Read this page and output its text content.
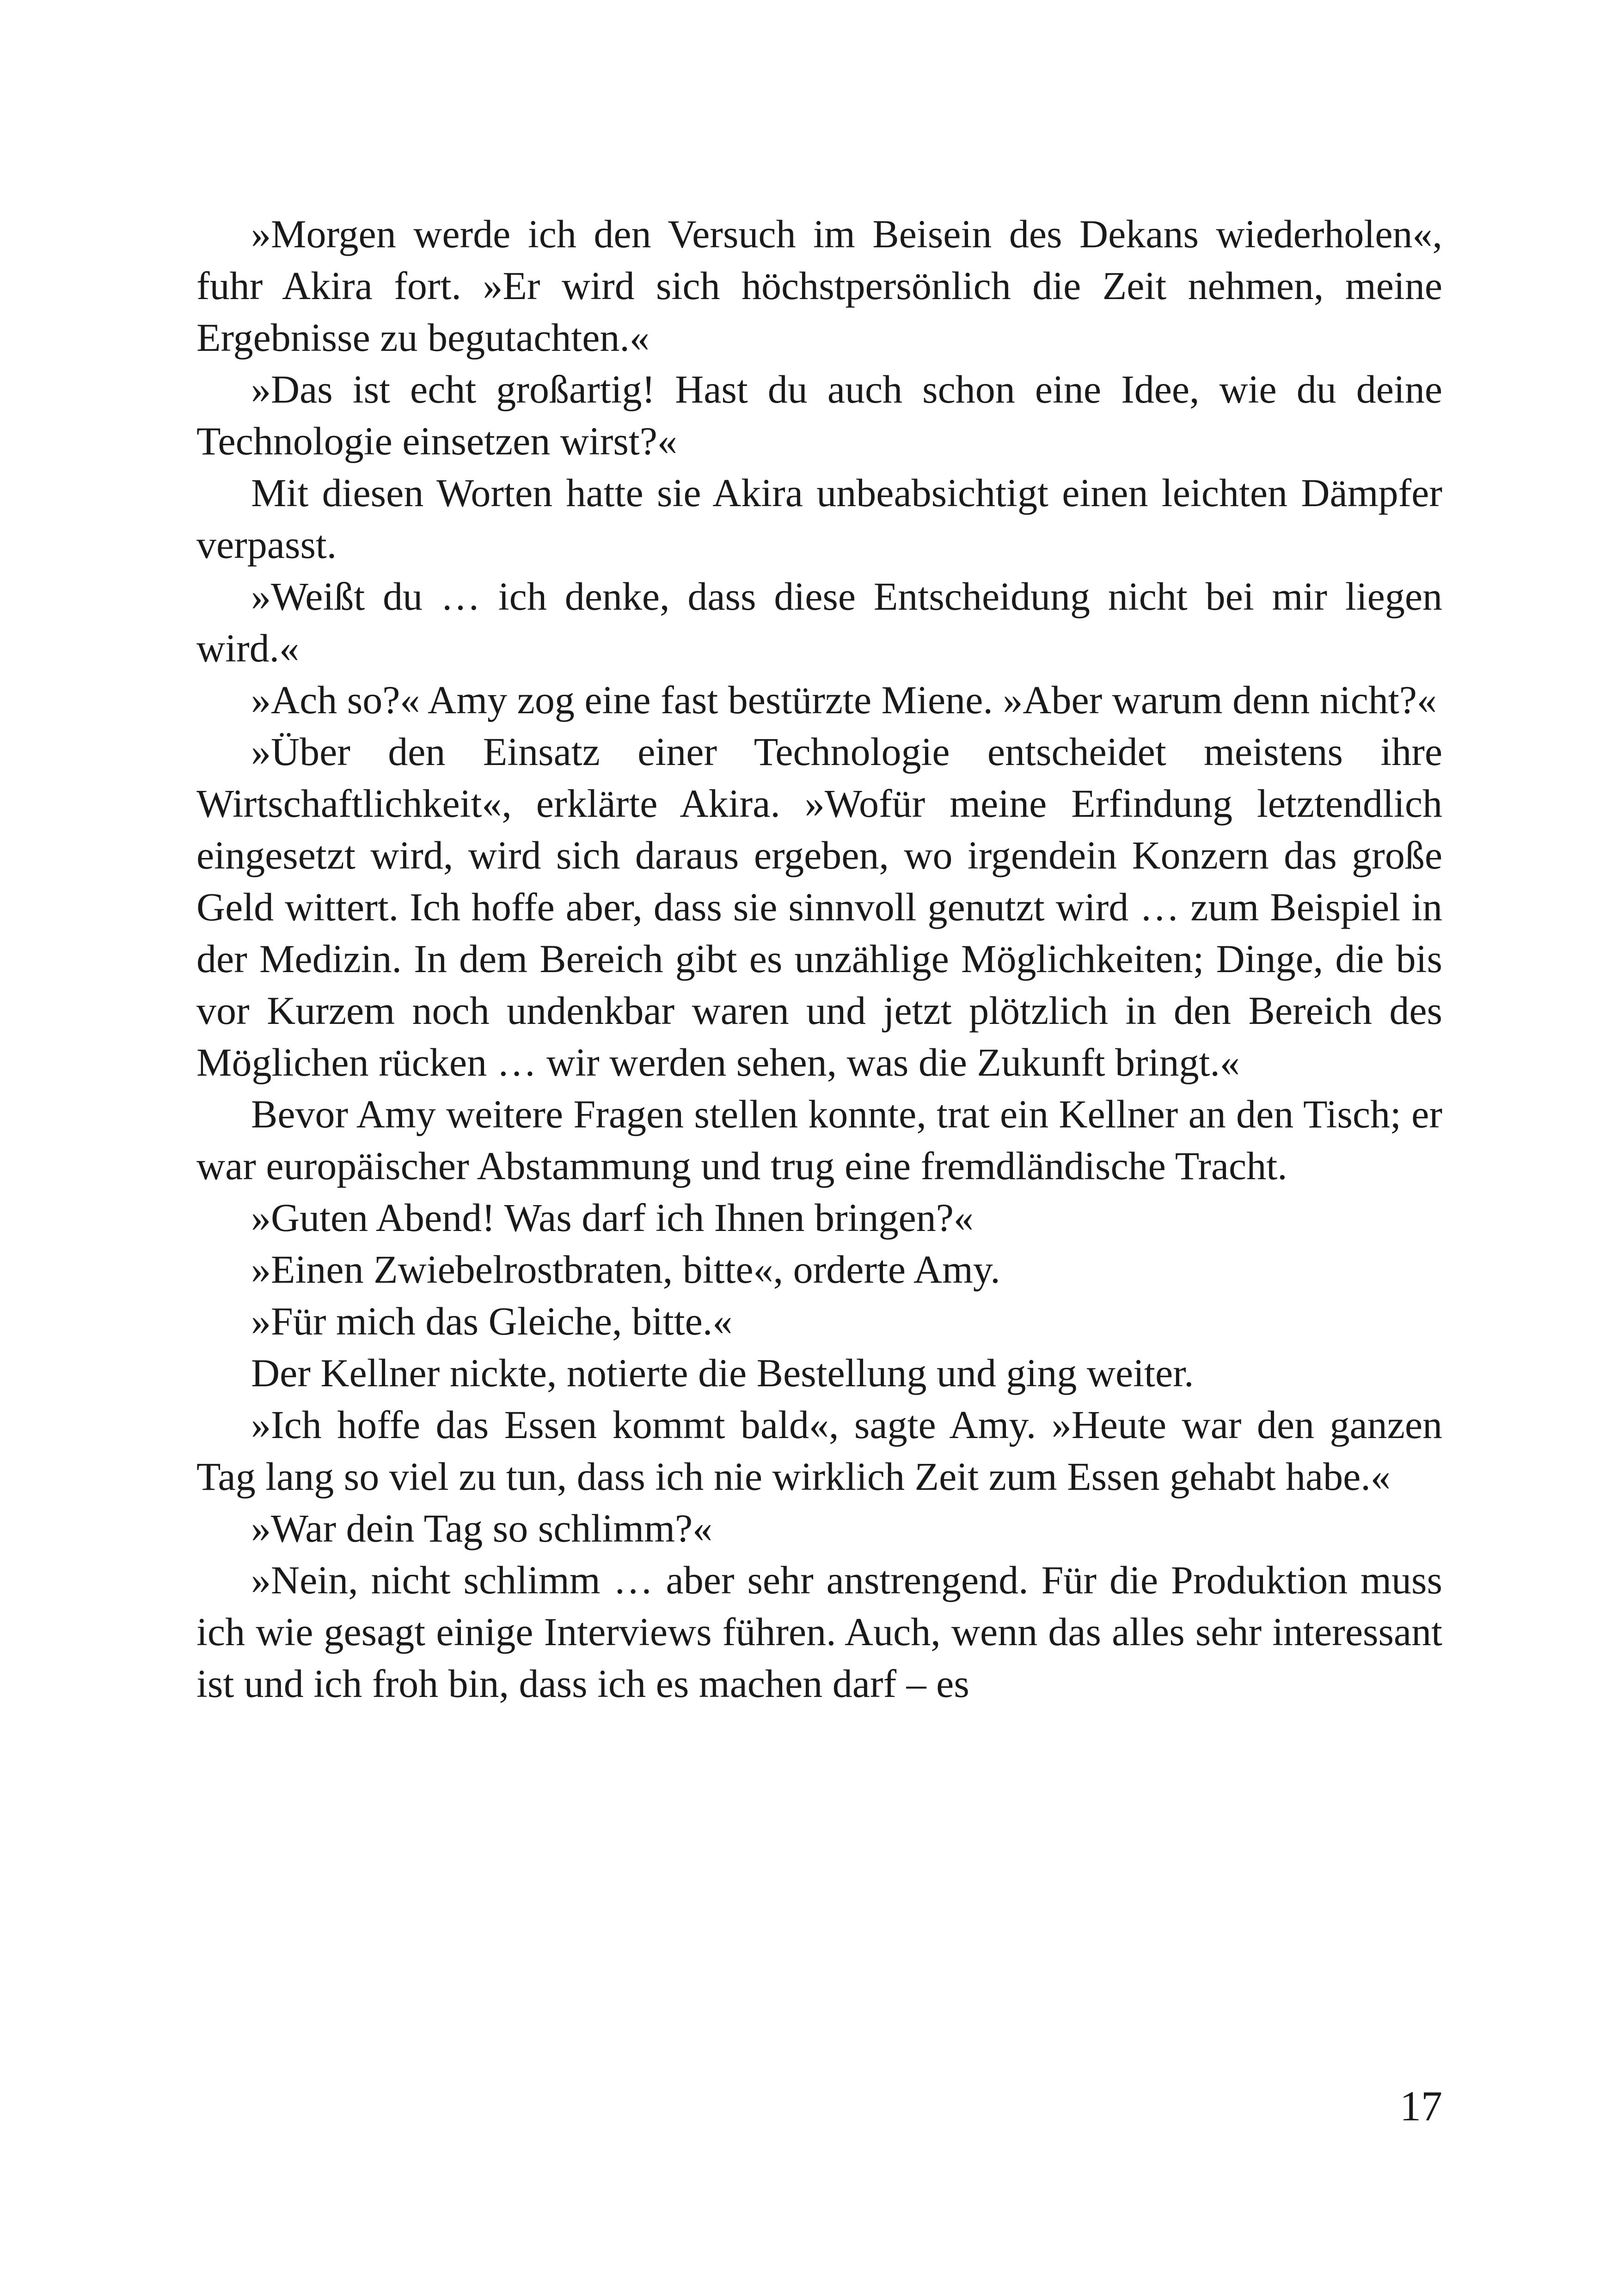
»Morgen werde ich den Versuch im Beisein des Dekans wiederholen«, fuhr Akira fort. »Er wird sich höchstpersönlich die Zeit nehmen, meine Ergebnisse zu begutachten.«

»Das ist echt großartig! Hast du auch schon eine Idee, wie du deine Technologie einsetzen wirst?«

Mit diesen Worten hatte sie Akira unbeabsichtigt einen leichten Dämpfer verpasst.

»Weißt du … ich denke, dass diese Entscheidung nicht bei mir liegen wird.«

»Ach so?« Amy zog eine fast bestürzte Miene. »Aber warum denn nicht?«

»Über den Einsatz einer Technologie entscheidet meistens ihre Wirtschaftlichkeit«, erklärte Akira. »Wofür meine Erfindung letztendlich eingesetzt wird, wird sich daraus ergeben, wo irgendein Konzern das große Geld wittert. Ich hoffe aber, dass sie sinnvoll genutzt wird … zum Beispiel in der Medizin. In dem Bereich gibt es unzählige Möglichkeiten; Dinge, die bis vor Kurzem noch undenkbar waren und jetzt plötzlich in den Bereich des Möglichen rücken … wir werden sehen, was die Zukunft bringt.«

Bevor Amy weitere Fragen stellen konnte, trat ein Kellner an den Tisch; er war europäischer Abstammung und trug eine fremdländische Tracht.

»Guten Abend! Was darf ich Ihnen bringen?«

»Einen Zwiebelrostbraten, bitte«, orderte Amy.

»Für mich das Gleiche, bitte.«

Der Kellner nickte, notierte die Bestellung und ging weiter.

»Ich hoffe das Essen kommt bald«, sagte Amy. »Heute war den ganzen Tag lang so viel zu tun, dass ich nie wirklich Zeit zum Essen gehabt habe.«

»War dein Tag so schlimm?«

»Nein, nicht schlimm … aber sehr anstrengend. Für die Produktion muss ich wie gesagt einige Interviews führen. Auch, wenn das alles sehr interessant ist und ich froh bin, dass ich es machen darf – es

17
